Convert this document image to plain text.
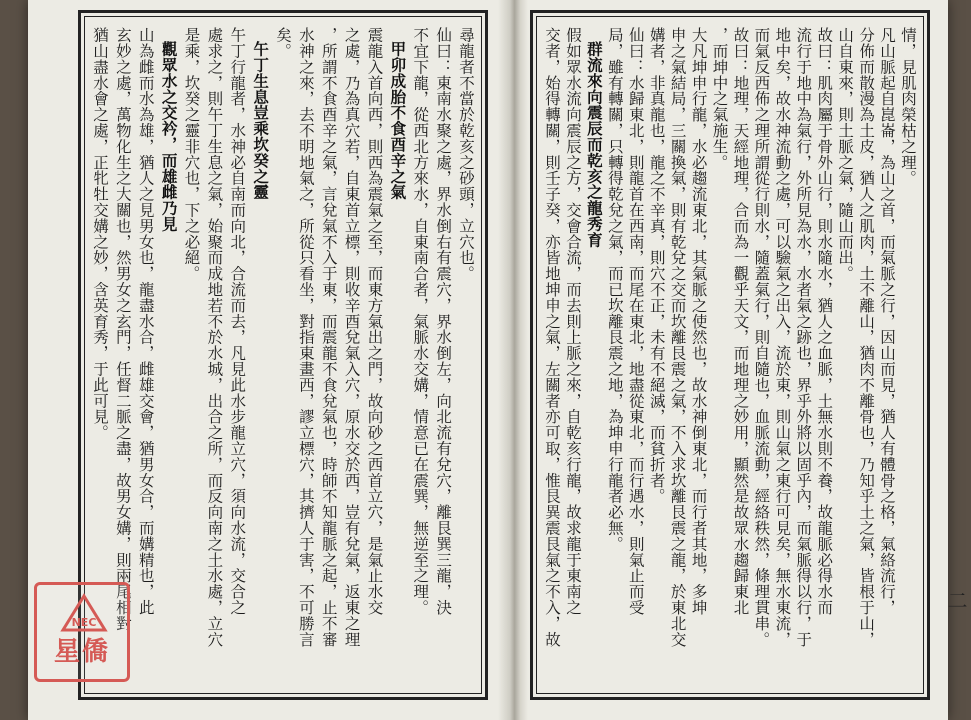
尋龍者不當於乾亥之砂頭，立穴也。
仙曰：東南水聚之處，界水倒右有震穴，界水倒左，向北流有兌穴，離艮巽三龍，決
不宜下龍，從西北方來水，自東南合者，氣脈水交媾，情意已在震巽，無逆至之理。
甲卯成胎不食酉辛之氣
震龍入首向西，則西為震氣之至，而東方氣出之門，故向砂之西首立穴，是氣止水交
之處，乃為真穴若，自東首立標，則收辛酉兌氣入穴，原水交於西，豈有兌氣，返東之理
，所謂不食酉辛之氣，言兌氣不入于東，而震龍不食兌氣也，時師不知龍脈之起，止不審
水神之來，去不明地氣之，所從只看坐，對指東畫西，謬立標穴，其擠人于害，不可勝言
矣。
午丁生息豈乘坎癸之靈
午丁行龍者，水神必自南而向北，合流而去，凡見此水步龍立穴，須向水流，交合之
處求之，則午丁生息之氣，始聚而成地若不於水城，出合之所，而反向南之土水處，立穴
是乘，坎癸之靈非穴也，下之必絕。
觀眾水之交衿，而雄雌乃見
山為雌而水為雄，猶人之見男女也，龍盡水合，雌雄交會，猶男女合，而媾精也，此
玄妙之處，萬物化生之大關也，然男女之玄門，任督二脈之盡，故男女媾，則兩尾相對
猶山盡水會之處，正牝牡交媾之妙，含英育秀，于此可見。	情，見肌肉榮枯之理。
凡山脈起自崑崙，為山之首，而氣脈之行，因山而見，猶人有體骨之格，氣絡流行，
分佈而散漫為土皮，猶人之肌肉，土不離山，猶肉不離骨也，乃知乎土之氣，皆根于山，
山自東來，則土脈之氣，隨山而出。
故曰：肌肉屬于骨外山行，則水隨水，猶人之血脈，土無水則不養，故龍脈必得水而
流行于地中為氣行，外所見為水，水者氣之跡也，界乎外將以固乎內，而氣脈得以行，于
地中矣，故水神流動之處，可以驗氣之出入，流於東，則山氣之東行可見矣，無水東流，
而氣反西佈之理所謂從行則水，隨蓋氣行，則自隨也，血脈流動，經絡秩然，條理貫串。
故曰：地理，天經地理，合而為一觀乎天文，而地理之妙用，顯然是故眾水趨歸東北
，而坤中之氣施生。
大凡坤申行龍，水必趨流東北，其氣脈之使然也，故水神倒東北，而行者其地，多坤
申之氣結局，三關換氣，則有乾兌之交而坎離艮震之氣，不入求坎離艮震之龍，於東北交
媾者，非真龍也，龍之不辛真，則穴不正，未有不絕滅，而貧折者。
仙曰：水歸東北，則龍首在西南，而尾在東北，地盡從東北，而行遇水，則氣止而受
局，雖有轉關，只轉得乾兌之氣，而已坎離艮震之地，為坤申行龍者必無。
群流來向震辰而乾亥之龍秀育
假如眾水流向震辰之方，交會合流，而去則上脈之來，自乾亥行龍，故求龍于東南之
交者，始得轉關，則壬子癸，亦皆地坤申之氣，左關者亦可取，惟艮異震艮氣之不入，故	二
NEC
星僑
